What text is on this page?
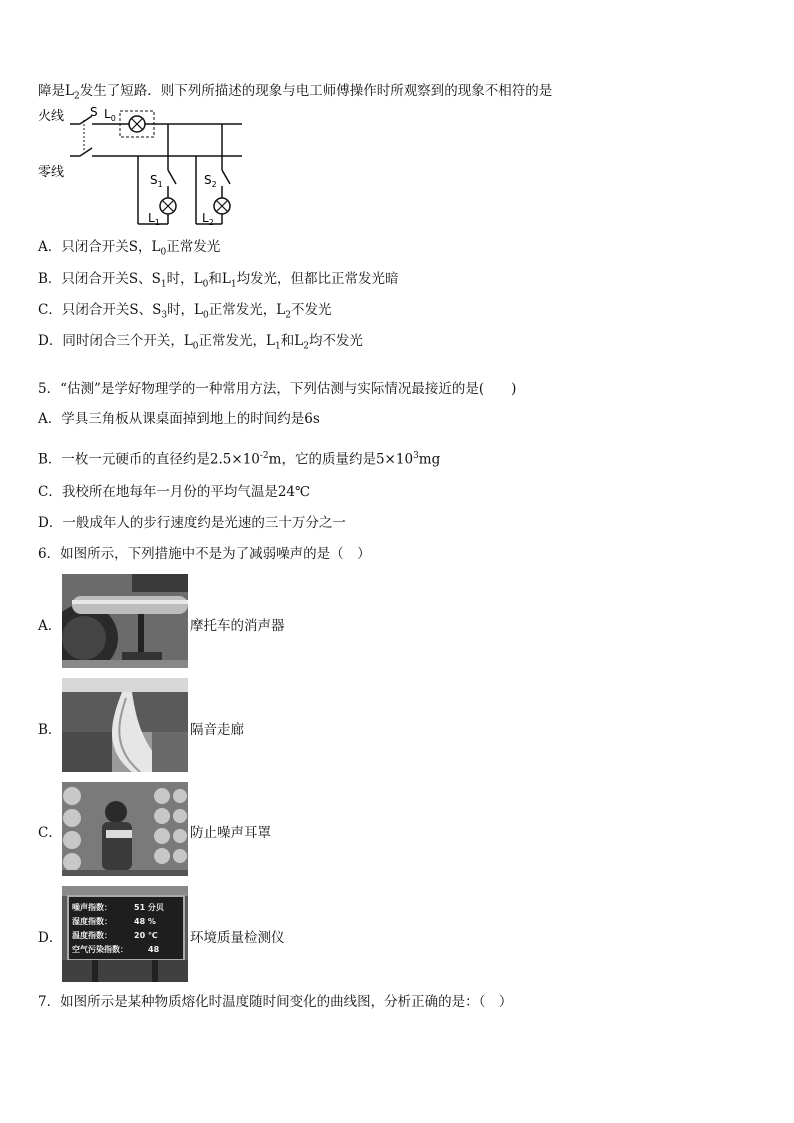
障是$L_2$发生了短路．则下列所描述的现象与电工师傅操作时所观察到的现象不相符的是
火线
零线
S $L_0$
$S_1$
$L_1$
$S_2$
$L_2$
A．只闭合开关S，$L_0$正常发光
B．只闭合开关S、$S_1$时，$L_0$和$L_1$均发光，但都比正常发光暗
C．只闭合开关S、$S_3$时，$L_0$正常发光，$L_2$不发光
D．同时闭合三个开关，$L_0$正常发光，$L_1$和$L_2$均不发光
5．“估测”是学好物理学的一种常用方法，下列估测与实际情况最接近的是(　　)
A．学具三角板从课桌面掉到地上的时间约是6s
B．一枚一元硬币的直径约是$2.5\times 10^{-2}m$，它的质量约是$5\times 10^3mg$
C．我校所在地每年一月份的平均气温是24℃
D．一般成年人的步行速度约是光速的三十万分之一
6．如图所示，下列措施中不是为了减弱噪声的是（　）
A．	摩托车的消声器
B．	隔音走廊
C．	防止噪声耳罩
D．
噪声指数：	51 分贝
湿度指数：	48 %
温度指数：	20 ℃
空气污染指数：	48
环境质量检测仪
7．如图所示是某种物质熔化时温度随时间变化的曲线图，分析正确的是：（　）
